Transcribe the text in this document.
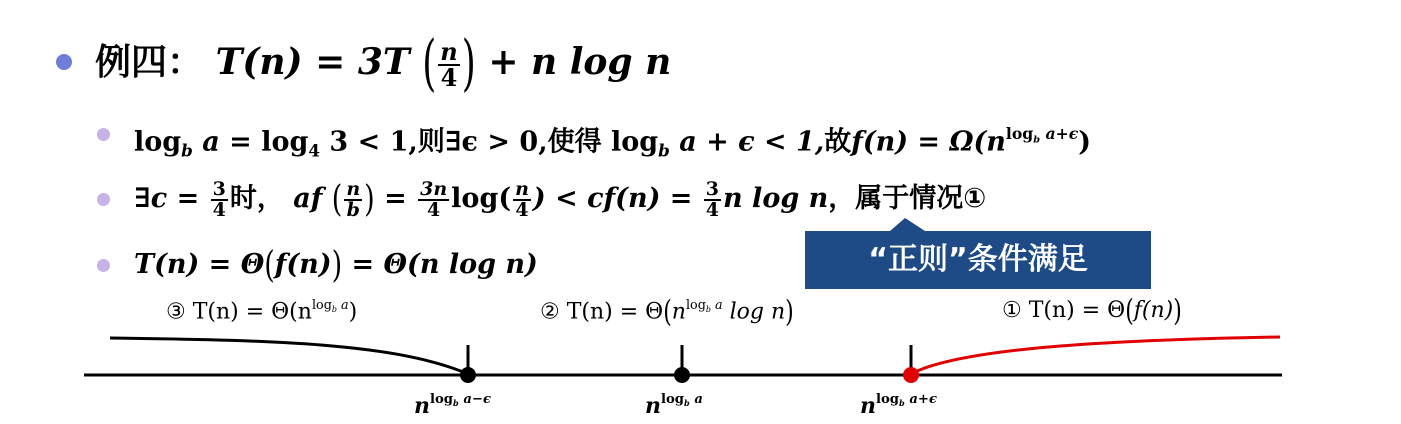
例四： T(n) = 3T ( $\frac{n}{4}$ ) + n log n
$\log_b a = \log_4 3 < 1$,则∃ϵ > 0,使得 $\log_b a + \epsilon < 1$,故$f(n) = \Omega(n^{log_b a+\epsilon})$
∃c = $\frac{3}{4}$ 时， af ( $\frac{n}{b}$ ) = $\frac{3n}{4} \log( \frac{n}{4}$ ) < $cf(n) = \frac{3}{4}$ n log n，属于情况①
T(n) = Θ(f(n)) = Θ(n log n)	“正则”条件满足
③ $T(n) = \Theta(n^{log_b a})$	② $T(n) = \Theta(n^{log_b a}$ log n)	① T(n) = Θ(f(n))
$n^{log_b a-\epsilon}$	$n^{log_b a}$	$n^{log_b a+\epsilon}$
